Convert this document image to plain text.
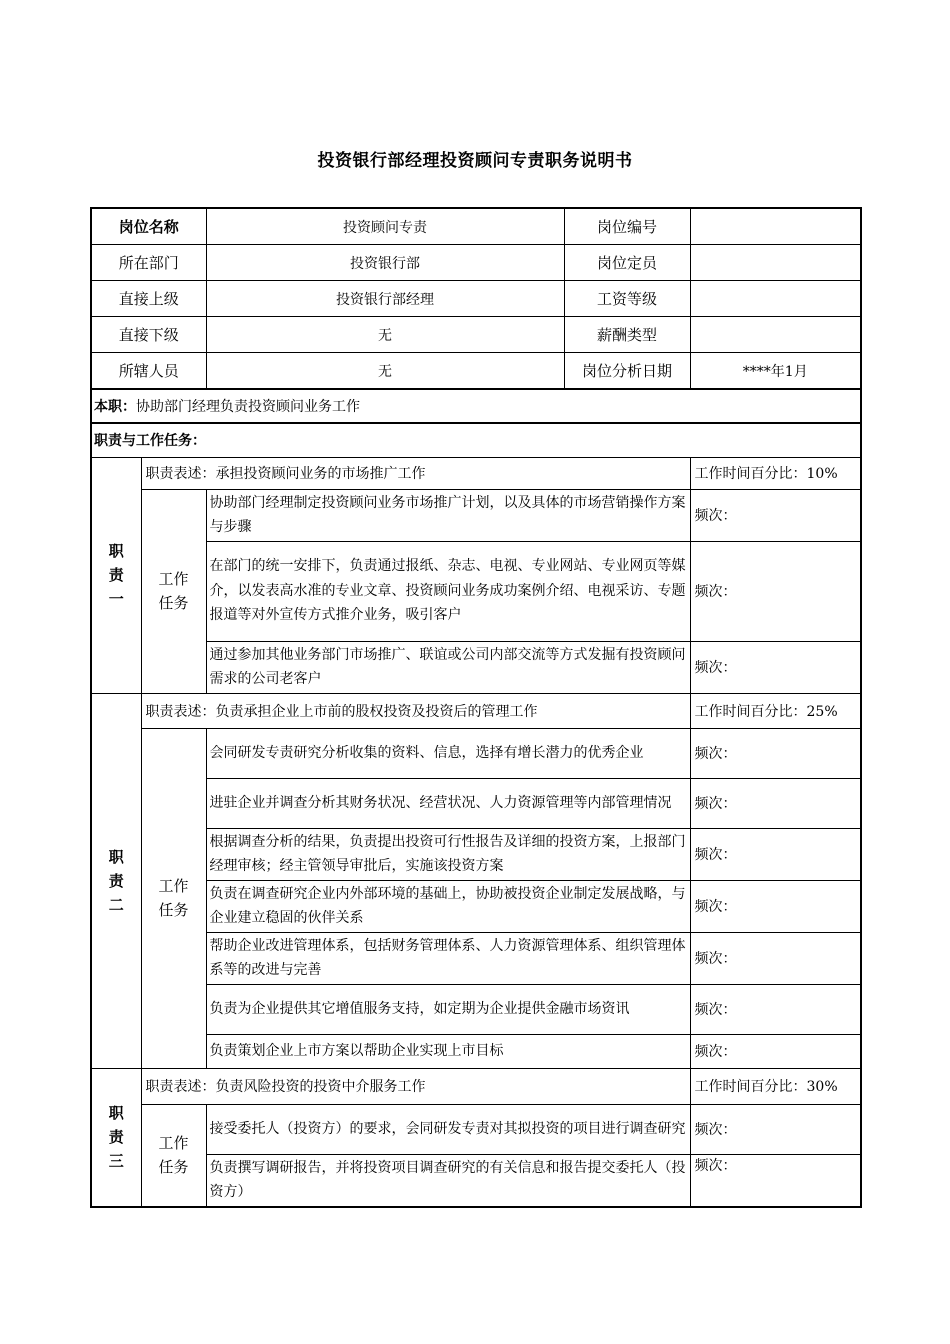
投资银行部经理投资顾问专责职务说明书
岗位名称		投资顾问专责	岗位编号	
所在部门		投资银行部	岗位定员	
直接上级		投资银行部经理	工资等级	
直接下级		无	薪酬类型	
所辖人员		无	岗位分析日期	****年1月
本职：协助部门经理负责投资顾问业务工作				
职责与工作任务：				

职
责
一	职责表述：承担投资顾问业务的市场推广工作			工作时间百分比：10%

	工作
任务	协助部门经理制定投资顾问业务市场推广计划，以及具体的市场营销操作方案与步骤		频次：
		在部门的统一安排下，负责通过报纸、杂志、电视、专业网站、专业网页等媒介，以发表高水准的专业文章、投资顾问业务成功案例介绍、电视采访、专题报道等对外宣传方式推介业务，吸引客户		频次：
		通过参加其他业务部门市场推广、联谊或公司内部交流等方式发掘有投资顾问需求的公司老客户		频次：

职
责
二	职责表述：负责承担企业上市前的股权投资及投资后的管理工作			工作时间百分比：25%

	工作
任务	会同研发专责研究分析收集的资料、信息，选择有增长潜力的优秀企业		频次：
		进驻企业并调查分析其财务状况、经营状况、人力资源管理等内部管理情况		频次：
		根据调查分析的结果，负责提出投资可行性报告及详细的投资方案，上报部门经理审核；经主管领导审批后，实施该投资方案		频次：
		负责在调查研究企业内外部环境的基础上，协助被投资企业制定发展战略，与企业建立稳固的伙伴关系		频次：
		帮助企业改进管理体系，包括财务管理体系、人力资源管理体系、组织管理体系等的改进与完善		频次：
		负责为企业提供其它增值服务支持，如定期为企业提供金融市场资讯		频次：
		负责策划企业上市方案以帮助企业实现上市目标		频次：

职
责
三	职责表述：负责风险投资的投资中介服务工作			工作时间百分比：30%

	工作
任务	接受委托人（投资方）的要求，会同研发专责对其拟投资的项目进行调查研究		频次：
		负责撰写调研报告，并将投资项目调查研究的有关信息和报告提交委托人（投资方）		频次：
